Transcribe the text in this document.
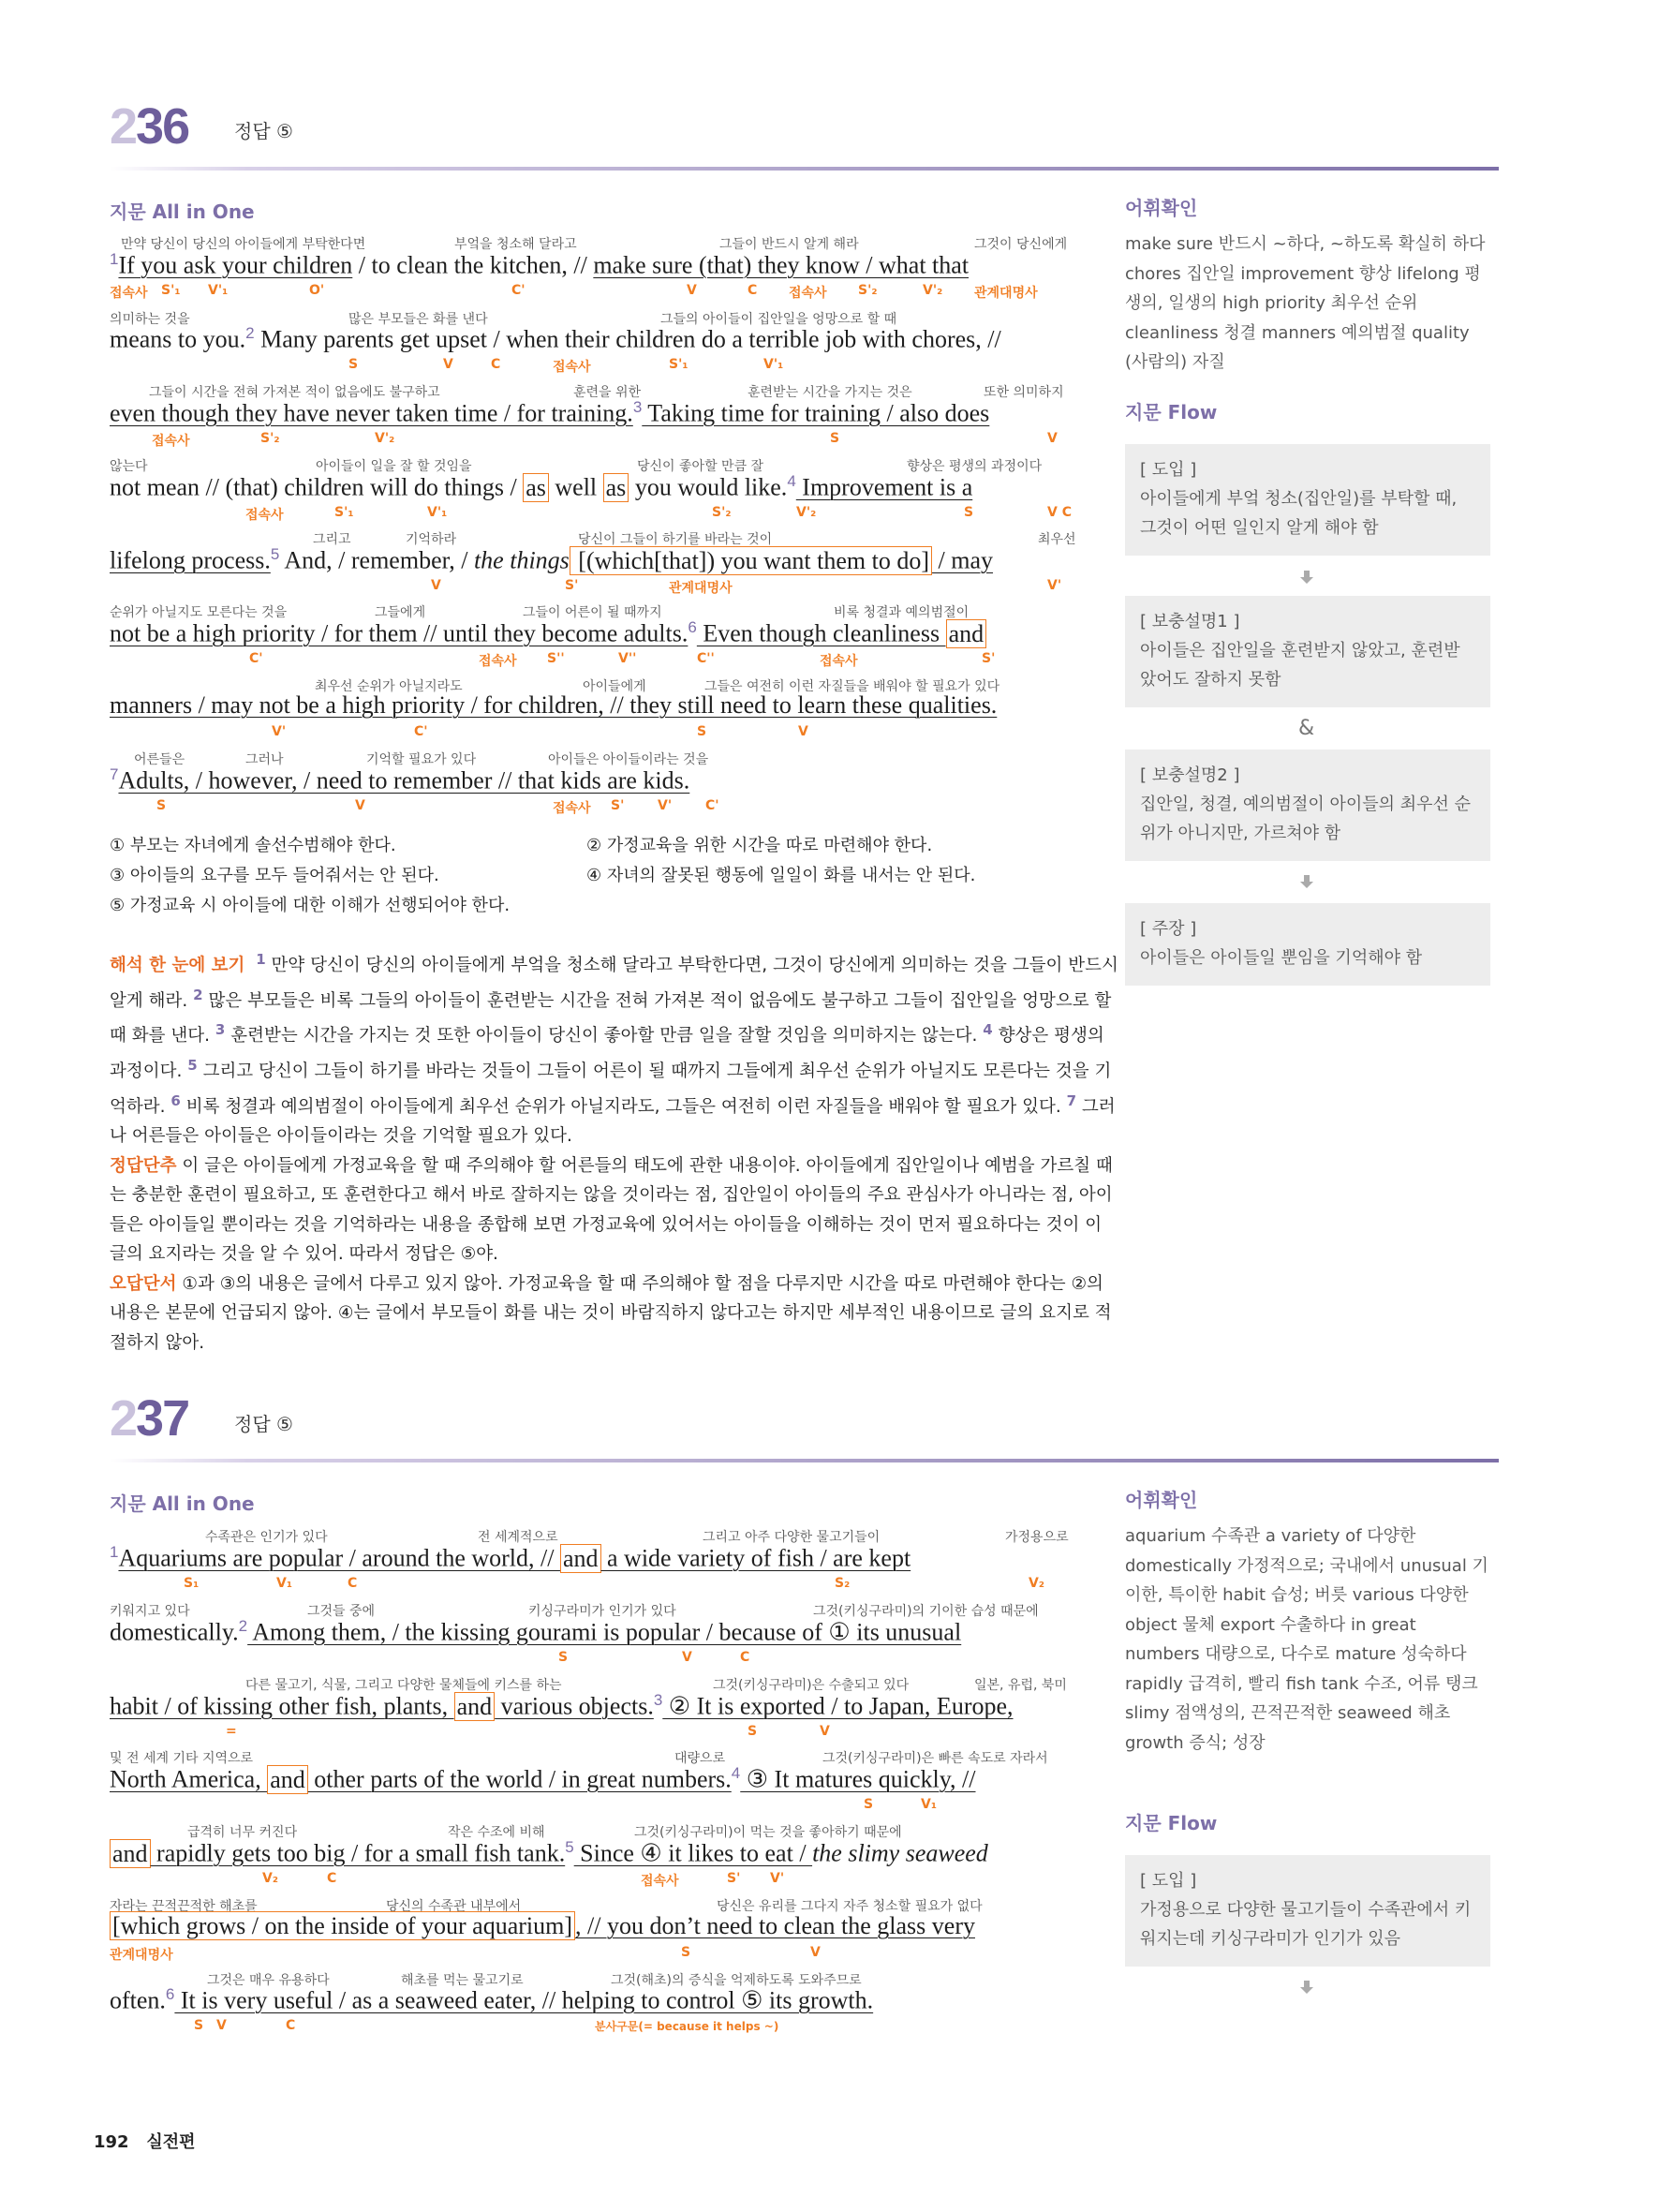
236 정답 ⑤
지문 All in One
만약 당신이 당신의 아이들에게 부탁한다면	부엌을 청소해 달라고	그들이 반드시 알게 해라	그것이 당신에게
$^1$If you ask your children / to clean the kitchen, // make sure (that) they know / what that
접속사 S'₁ V'₁	O'	C'	V	C 접속사 S'₂	V'₂ 관계대명사
의미하는 것을	많은 부모들은 화를 낸다	그들의 아이들이 집안일을 엉망으로 할 때
means to you.$^2$ Many parents get upset / when their children do a terrible job with chores, //
S	V	C	접속사	S'₁	V'₁
그들이 시간을 전혀 가져본 적이 없음에도 불구하고	훈련을 위한	훈련받는 시간을 가지는 것은	또한 의미하지
even though they have never taken time / for training.$^3$ Taking time for training / also does
접속사	S'₂	V'₂	S	V
않는다	아이들이 일을 잘 할 것임을	당신이 좋아할 만큼 잘	향상은 평생의 과정이다
not mean // (that) children will do things / as well as you would like.$^4$ Improvement is a
접속사	S'₁	V'₁	S'₂	V'₂	S	V C
그리고	기억하라	당신이 그들이 하기를 바라는 것이	최우선
lifelong process.$^5$ And, / remember, / the things [(which[that]) you want them to do] / may
V	S'	관계대명사	V'
순위가 아닐지도 모른다는 것을	그들에게	그들이 어른이 될 때까지	비록 청결과 예의범절이
not be a high priority / for them // until they become adults.$^6$ Even though cleanliness and
C'	접속사 S''	V''	C''	접속사	S'
최우선 순위가 아닐지라도	아이들에게	그들은 여전히 이런 자질들을 배워야 할 필요가 있다
manners / may not be a high priority / for children, // they still need to learn these qualities.
V'	C'	S	V
어른들은	그러나	기억할 필요가 있다	아이들은 아이들이라는 것을
$^7$Adults, / however, / need to remember // that kids are kids.
S	V	접속사 S'	V'	C'
① 부모는 자녀에게 솔선수범해야 한다.	② 가정교육을 위한 시간을 따로 마련해야 한다.
③ 아이들의 요구를 모두 들어줘서는 안 된다.	④ 자녀의 잘못된 행동에 일일이 화를 내서는 안 된다.
⑤ 가정교육 시 아이들에 대한 이해가 선행되어야 한다.
해석 한 눈에 보기 $^1$ 만약 당신이 당신의 아이들에게 부엌을 청소해 달라고 부탁한다면, 그것이 당신에게 의미하는 것을 그들이 반드시 알게 해라. $^2$ 많은 부모들은 비록 그들의 아이들이 훈련받는 시간을 전혀 가져본 적이 없음에도 불구하고 그들이 집안일을 엉망으로 할 때 화를 낸다. $^3$ 훈련받는 시간을 가지는 것 또한 아이들이 당신이 좋아할 만큼 일을 잘할 것임을 의미하지는 않는다. $^4$ 향상은 평생의 과정이다. $^5$ 그리고 당신이 그들이 하기를 바라는 것들이 그들이 어른이 될 때까지 그들에게 최우선 순위가 아닐지도 모른다는 것을 기억하라. $^6$ 비록 청결과 예의범절이 아이들에게 최우선 순위가 아닐지라도, 그들은 여전히 이런 자질들을 배워야 할 필요가 있다. $^7$ 그러나 어른들은 아이들은 아이들이라는 것을 기억할 필요가 있다.
정답단추 이 글은 아이들에게 가정교육을 할 때 주의해야 할 어른들의 태도에 관한 내용이야. 아이들에게 집안일이나 예범을 가르칠 때는 충분한 훈련이 필요하고, 또 훈련한다고 해서 바로 잘하지는 않을 것이라는 점, 집안일이 아이들의 주요 관심사가 아니라는 점, 아이들은 아이들일 뿐이라는 것을 기억하라는 내용을 종합해 보면 가정교육에 있어서는 아이들을 이해하는 것이 먼저 필요하다는 것이 이 글의 요지라는 것을 알 수 있어. 따라서 정답은 ⑤야.
오답단서 ①과 ③의 내용은 글에서 다루고 있지 않아. 가정교육을 할 때 주의해야 할 점을 다루지만 시간을 따로 마련해야 한다는 ②의 내용은 본문에 언급되지 않아. ④는 글에서 부모들이 화를 내는 것이 바람직하지 않다고는 하지만 세부적인 내용이므로 글의 요지로 적절하지 않아.
어휘확인
make sure 반드시 ~하다, ~하도록 확실히 하다 chores 집안일 improvement 향상 lifelong 평생의, 일생의 high priority 최우선 순위 cleanliness 청결 manners 예의범절 quality (사람의) 자질
지문 Flow
[ 도입 ]
아이들에게 부엌 청소(집안일)를 부탁할 때, 그것이 어떤 일인지 알게 해야 함
[ 보충설명1 ]
아이들은 집안일을 훈련받지 않았고, 훈련받았어도 잘하지 못함
&
[ 보충설명2 ]
집안일, 청결, 예의범절이 아이들의 최우선 순위가 아니지만, 가르쳐야 함
[ 주장 ]
아이들은 아이들일 뿐임을 기억해야 함
237 정답 ⑤
지문 All in One
수족관은 인기가 있다	전 세계적으로	그리고 아주 다양한 물고기들이	가정용으로
$^1$Aquariums are popular / around the world, // and a wide variety of fish / are kept
S₁	V₁	C	S₂	V₂
키워지고 있다	그것들 중에	키싱구라미가 인기가 있다	그것(키싱구라미)의 기이한 습성 때문에
domestically.$^2$ Among them, / the kissing gourami is popular / because of ① its unusual
S	V	C
다른 물고기, 식물, 그리고 다양한 물체들에 키스를 하는	그것(키싱구라미)은 수출되고 있다	일본, 유럽, 북미
habit / of kissing other fish, plants, and various objects.$^3$ ② It is exported / to Japan, Europe,
=	S	V
및 전 세계 기타 지역으로	대량으로	그것(키싱구라미)은 빠른 속도로 자라서
North America, and other parts of the world / in great numbers.$^4$ ③ It matures quickly, //
S	V₁
급격히 너무 커진다	작은 수조에 비해	그것(키싱구라미)이 먹는 것을 좋아하기 때문에
and rapidly gets too big / for a small fish tank.$^5$ Since ④ it likes to eat / the slimy seaweed
V₂	C	접속사	S' V'
자라는 끈적끈적한 해초를	당신의 수족관 내부에서	당신은 유리를 그다지 자주 청소할 필요가 없다
[which grows / on the inside of your aquarium] , // you don’t need to clean the glass very
관계대명사	S	V
그것은 매우 유용하다	해초를 먹는 물고기로	그것(해초)의 증식을 억제하도록 도와주므로
often.$^6$ It is very useful / as a seaweed eater, // helping to control ⑤ its growth.
S V	C	분사구문(= because it helps ~)
어휘확인
aquarium 수족관 a variety of 다양한 domestically 가정적으로; 국내에서 unusual 기이한, 특이한 habit 습성; 버릇 various 다양한 object 물체 export 수출하다 in great numbers 대량으로, 다수로 mature 성숙하다 rapidly 급격히, 빨리 fish tank 수조, 어류 탱크 slimy 점액성의, 끈적끈적한 seaweed 해초 growth 증식; 성장
지문 Flow
[ 도입 ]
가정용으로 다양한 물고기들이 수족관에서 키워지는데 키싱구라미가 인기가 있음
192 실전편
